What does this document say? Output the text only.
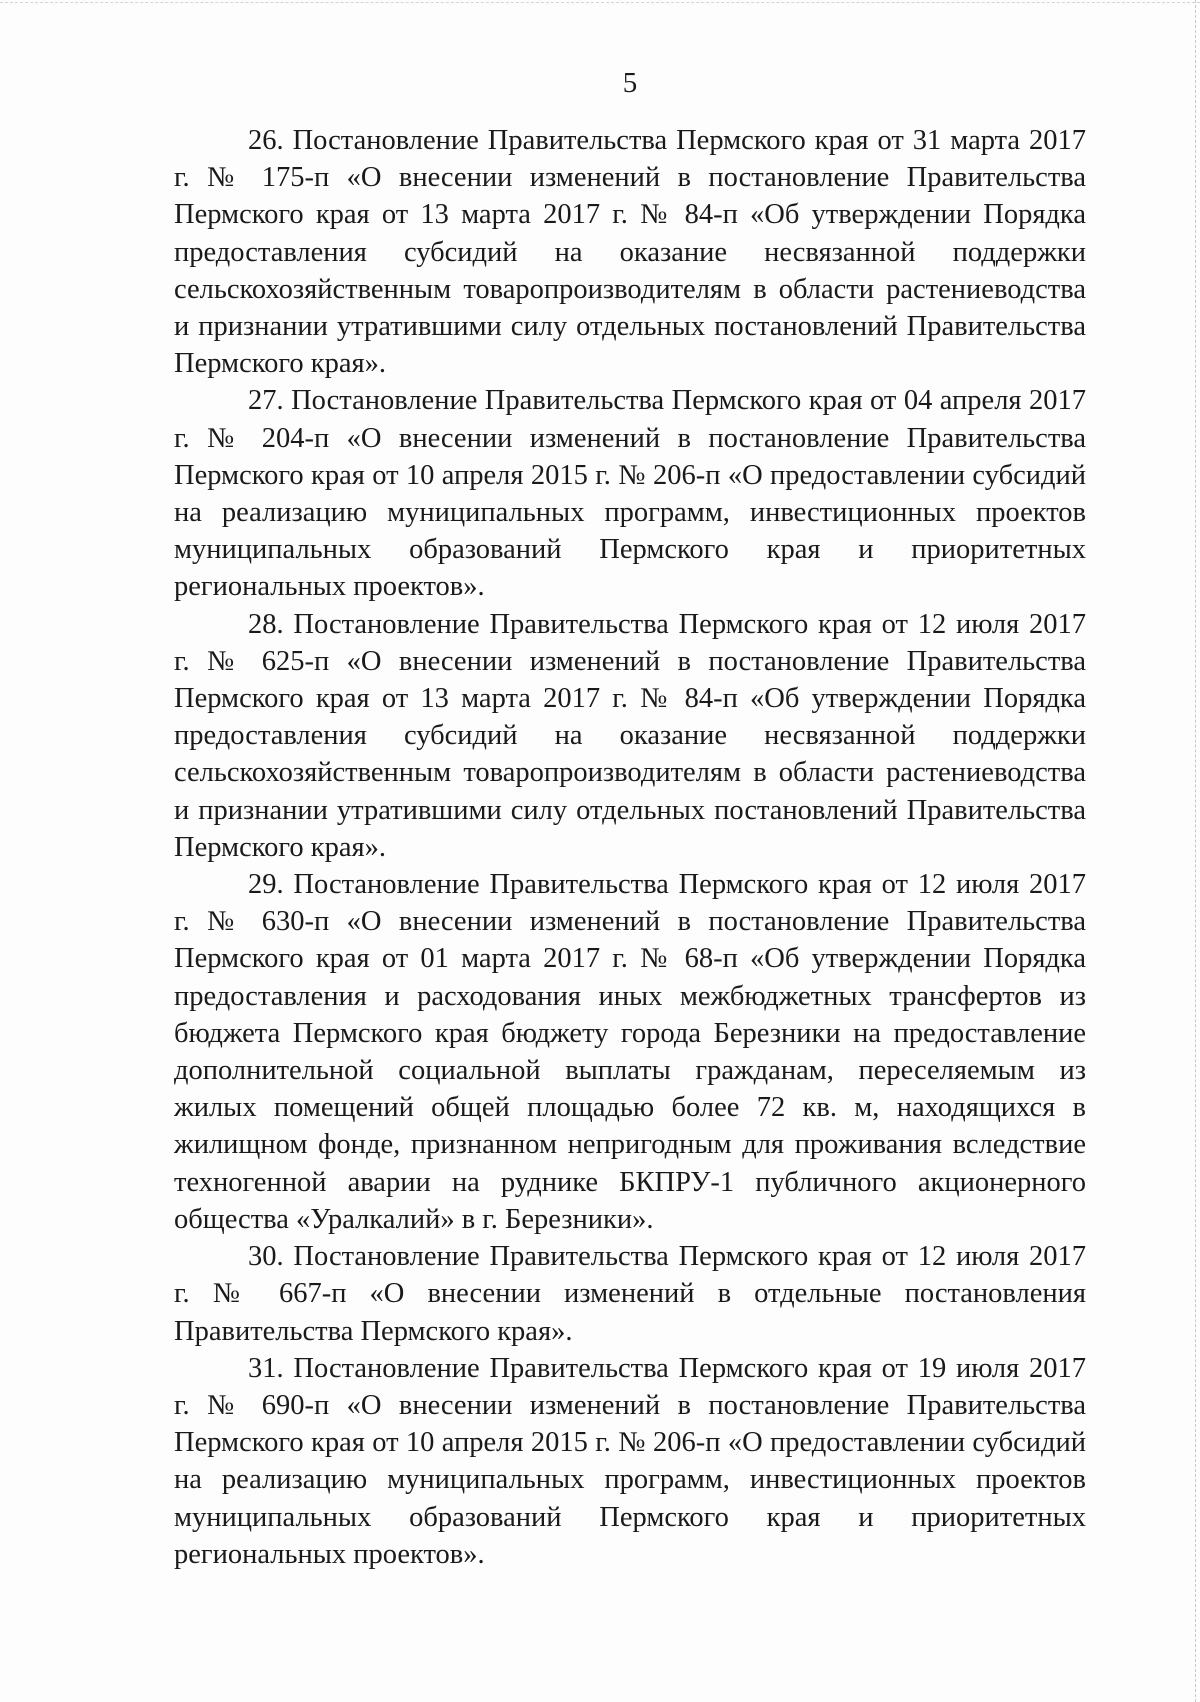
5

26. Постановление Правительства Пермского края от 31 марта 2017 г. № 175-п «О внесении изменений в постановление Правительства Пермского края от 13 марта 2017 г. № 84-п «Об утверждении Порядка предоставления субсидий на оказание несвязанной поддержки сельскохозяйственным товаропроизводителям в области растениеводства и признании утратившими силу отдельных постановлений Правительства Пермского края».

27. Постановление Правительства Пермского края от 04 апреля 2017 г. № 204-п «О внесении изменений в постановление Правительства Пермского края от 10 апреля 2015 г. № 206-п «О предоставлении субсидий на реализацию муниципальных программ, инвестиционных проектов муниципальных образований Пермского края и приоритетных региональных проектов».

28. Постановление Правительства Пермского края от 12 июля 2017 г. № 625-п «О внесении изменений в постановление Правительства Пермского края от 13 марта 2017 г. № 84-п «Об утверждении Порядка предоставления субсидий на оказание несвязанной поддержки сельскохозяйственным товаропроизводителям в области растениеводства и признании утратившими силу отдельных постановлений Правительства Пермского края».

29. Постановление Правительства Пермского края от 12 июля 2017 г. № 630-п «О внесении изменений в постановление Правительства Пермского края от 01 марта 2017 г. № 68-п «Об утверждении Порядка предоставления и расходования иных межбюджетных трансфертов из бюджета Пермского края бюджету города Березники на предоставление дополнительной социальной выплаты гражданам, переселяемым из жилых помещений общей площадью более 72 кв. м, находящихся в жилищном фонде, признанном непригодным для проживания вследствие техногенной аварии на руднике БКПРУ-1 публичного акционерного общества «Уралкалий» в г. Березники».

30. Постановление Правительства Пермского края от 12 июля 2017 г. № 667-п «О внесении изменений в отдельные постановления Правительства Пермского края».

31. Постановление Правительства Пермского края от 19 июля 2017 г. № 690-п «О внесении изменений в постановление Правительства Пермского края от 10 апреля 2015 г. № 206-п «О предоставлении субсидий на реализацию муниципальных программ, инвестиционных проектов муниципальных образований Пермского края и приоритетных региональных проектов».
